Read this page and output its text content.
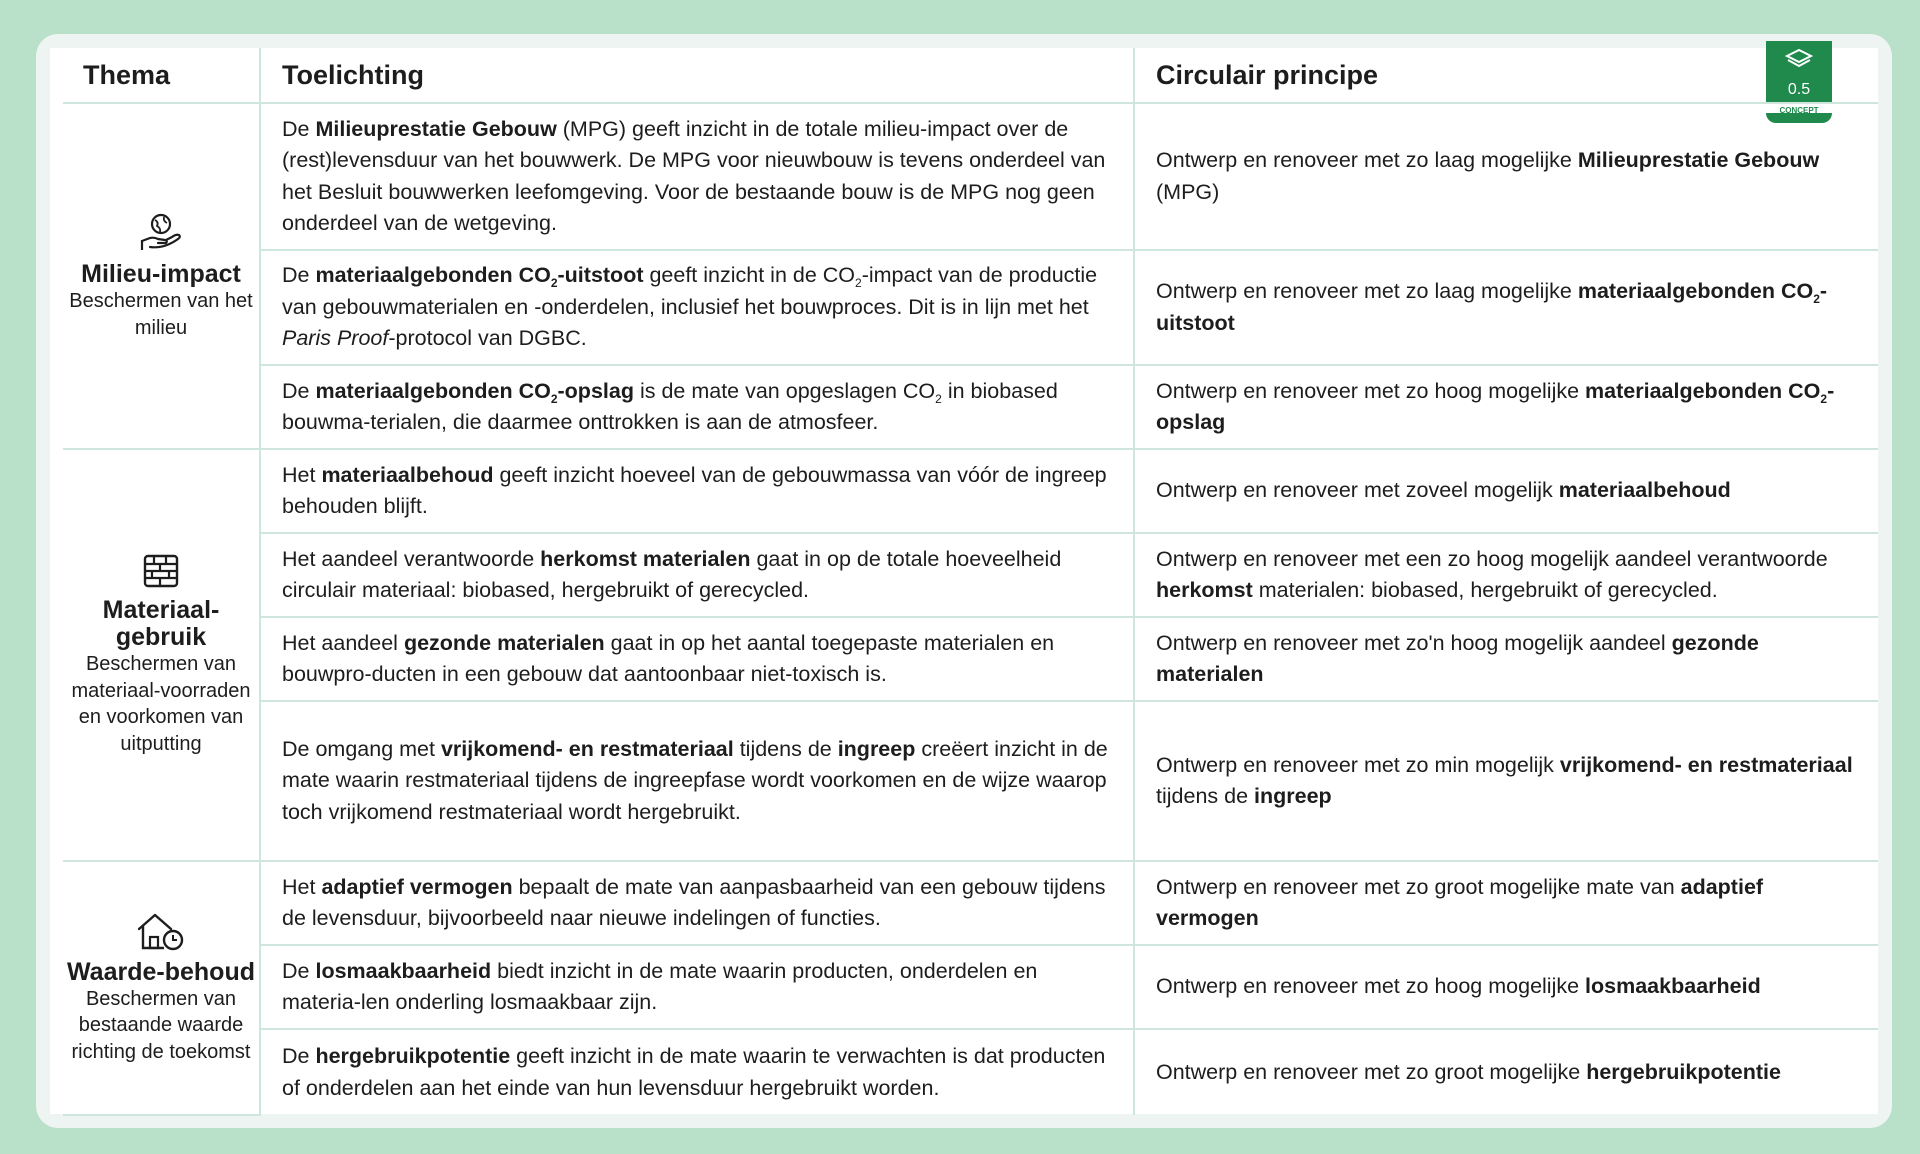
0.5
CONCEPT
Thema	Toelichting	Circulair principe

Milieu-impact
Beschermen van het milieu	De Milieuprestatie Gebouw (MPG) geeft inzicht in de totale milieu-impact over de (rest)levensduur van het bouwwerk. De MPG voor nieuwbouw is tevens onderdeel van het Besluit bouwwerken leefomgeving. Voor de bestaande bouw is de MPG nog geen onderdeel van de wetgeving.	Ontwerp en renoveer met zo laag mogelijke Milieuprestatie Gebouw (MPG)
	De materiaalgebonden $CO_2$-uitstoot geeft inzicht in de $CO_2$-impact van de productie van gebouwmaterialen en -onderdelen, inclusief het bouwproces. Dit is in lijn met het Paris Proof-protocol van DGBC.	Ontwerp en renoveer met zo laag mogelijke materiaalgebonden $CO_2$-uitstoot
	De materiaalgebonden $CO_2$-opslag is de mate van opgeslagen $CO_2$ in biobased bouwma-terialen, die daarmee onttrokken is aan de atmosfeer.	Ontwerp en renoveer met zo hoog mogelijke materiaalgebonden $CO_2$-opslag

Materiaal-gebruik
Beschermen van materiaal-voorraden en voorkomen van uitputting	Het materiaalbehoud geeft inzicht hoeveel van de gebouwmassa van vóór de ingreep behouden blijft.	Ontwerp en renoveer met zoveel mogelijk materiaalbehoud
	Het aandeel verantwoorde herkomst materialen gaat in op de totale hoeveelheid circulair materiaal: biobased, hergebruikt of gerecycled.	Ontwerp en renoveer met een zo hoog mogelijk aandeel verantwoorde herkomst materialen: biobased, hergebruikt of gerecycled.
	Het aandeel gezonde materialen gaat in op het aantal toegepaste materialen en bouwpro-ducten in een gebouw dat aantoonbaar niet-toxisch is.	Ontwerp en renoveer met zo'n hoog mogelijk aandeel gezonde materialen
	De omgang met vrijkomend- en restmateriaal tijdens de ingreep creëert inzicht in de mate waarin restmateriaal tijdens de ingreepfase wordt voorkomen en de wijze waarop toch vrijkomend restmateriaal wordt hergebruikt.	Ontwerp en renoveer met zo min mogelijk vrijkomend- en restmateriaal tijdens de ingreep

Waarde-behoud
Beschermen van bestaande waarde richting de toekomst	Het adaptief vermogen bepaalt de mate van aanpasbaarheid van een gebouw tijdens de levensduur, bijvoorbeeld naar nieuwe indelingen of functies.	Ontwerp en renoveer met zo groot mogelijke mate van adaptief vermogen
	De losmaakbaarheid biedt inzicht in de mate waarin producten, onderdelen en materia-len onderling losmaakbaar zijn.	Ontwerp en renoveer met zo hoog mogelijke losmaakbaarheid
	De hergebruikpotentie geeft inzicht in de mate waarin te verwachten is dat producten of onderdelen aan het einde van hun levensduur hergebruikt worden.	Ontwerp en renoveer met zo groot mogelijke hergebruikpotentie
